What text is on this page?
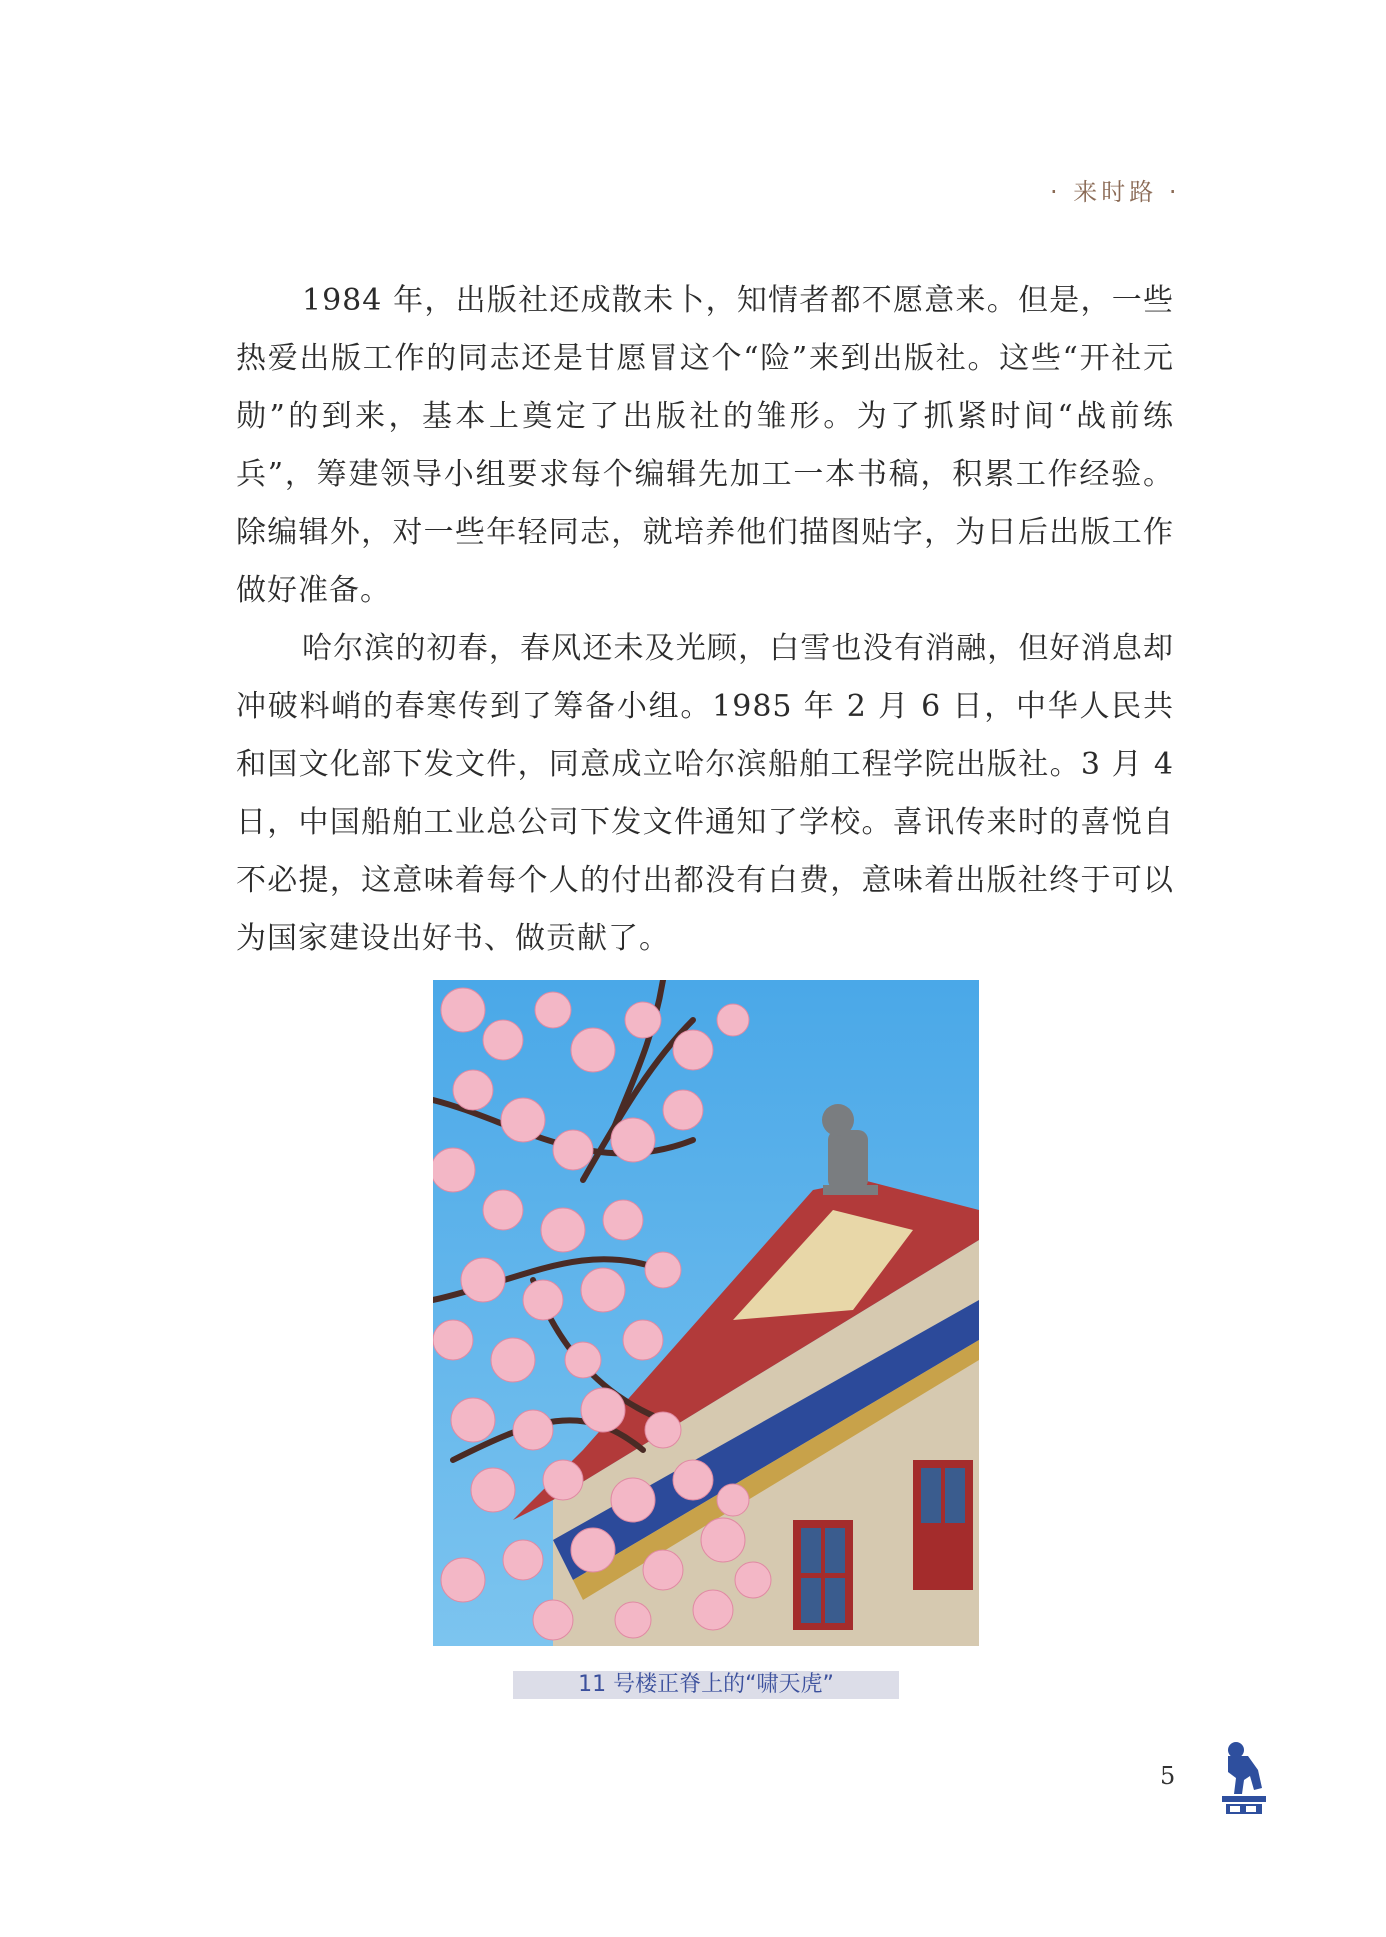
· 来时路 ·

1984 年，出版社还成散未卜，知情者都不愿意来。但是，一些热爱出版工作的同志还是甘愿冒这个“险”来到出版社。这些“开社元勋”的到来，基本上奠定了出版社的雏形。为了抓紧时间“战前练兵”，筹建领导小组要求每个编辑先加工一本书稿，积累工作经验。除编辑外，对一些年轻同志，就培养他们描图贴字，为日后出版工作做好准备。

哈尔滨的初春，春风还未及光顾，白雪也没有消融，但好消息却冲破料峭的春寒传到了筹备小组。1985 年 2 月 6 日，中华人民共和国文化部下发文件，同意成立哈尔滨船舶工程学院出版社。3 月 4 日，中国船舶工业总公司下发文件通知了学校。喜讯传来时的喜悦自不必提，这意味着每个人的付出都没有白费，意味着出版社终于可以为国家建设出好书、做贡献了。

11 号楼正脊上的“啸天虎”
5
